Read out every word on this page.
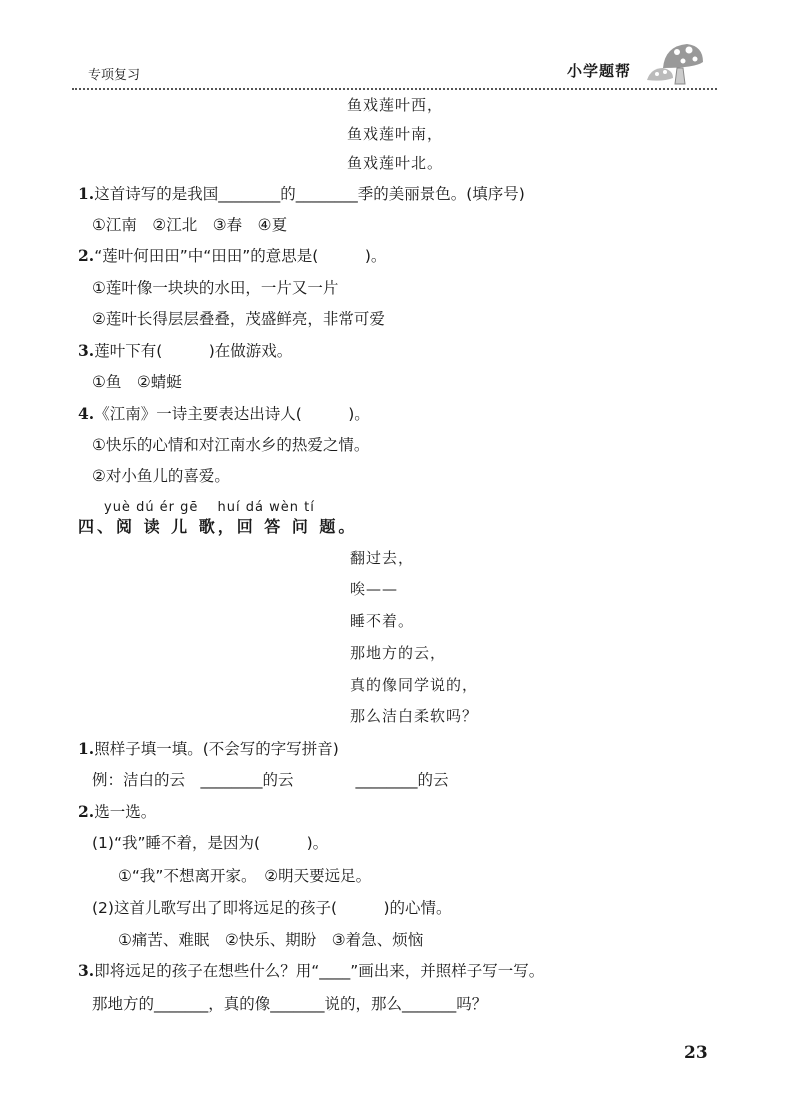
专项复习	小学题帮
鱼戏莲叶西，
鱼戏莲叶南，
鱼戏莲叶北。
1.这首诗写的是我国________的________季的美丽景色。(填序号)
①江南　②江北　③春　④夏
2.“莲叶何田田”中“田田”的意思是(　　　)。
①莲叶像一块块的水田，一片又一片
②莲叶长得层层叠叠，茂盛鲜亮，非常可爱
3.莲叶下有(　　　)在做游戏。
①鱼　②蜻蜓
4.《江南》一诗主要表达出诗人(　　　)。
①快乐的心情和对江南水乡的热爱之情。
②对小鱼儿的喜爱。
yuè dú ér gē　 huí dá wèn tí
四、阅 读 儿 歌，回 答 问 题。
翻过去，
唉——
睡不着。
那地方的云，
真的像同学说的，
那么洁白柔软吗？
1.照样子填一填。(不会写的字写拼音)
例：洁白的云　________的云　　　　________的云
2.选一选。
(1)“我”睡不着，是因为(　　　)。
①“我”不想离开家。　②明天要远足。
(2)这首儿歌写出了即将远足的孩子(　　　)的心情。
①痛苦、难眠　②快乐、期盼　③着急、烦恼
3.即将远足的孩子在想些什么？用“____”画出来，并照样子写一写。
那地方的_______，真的像_______说的，那么_______吗？
23
